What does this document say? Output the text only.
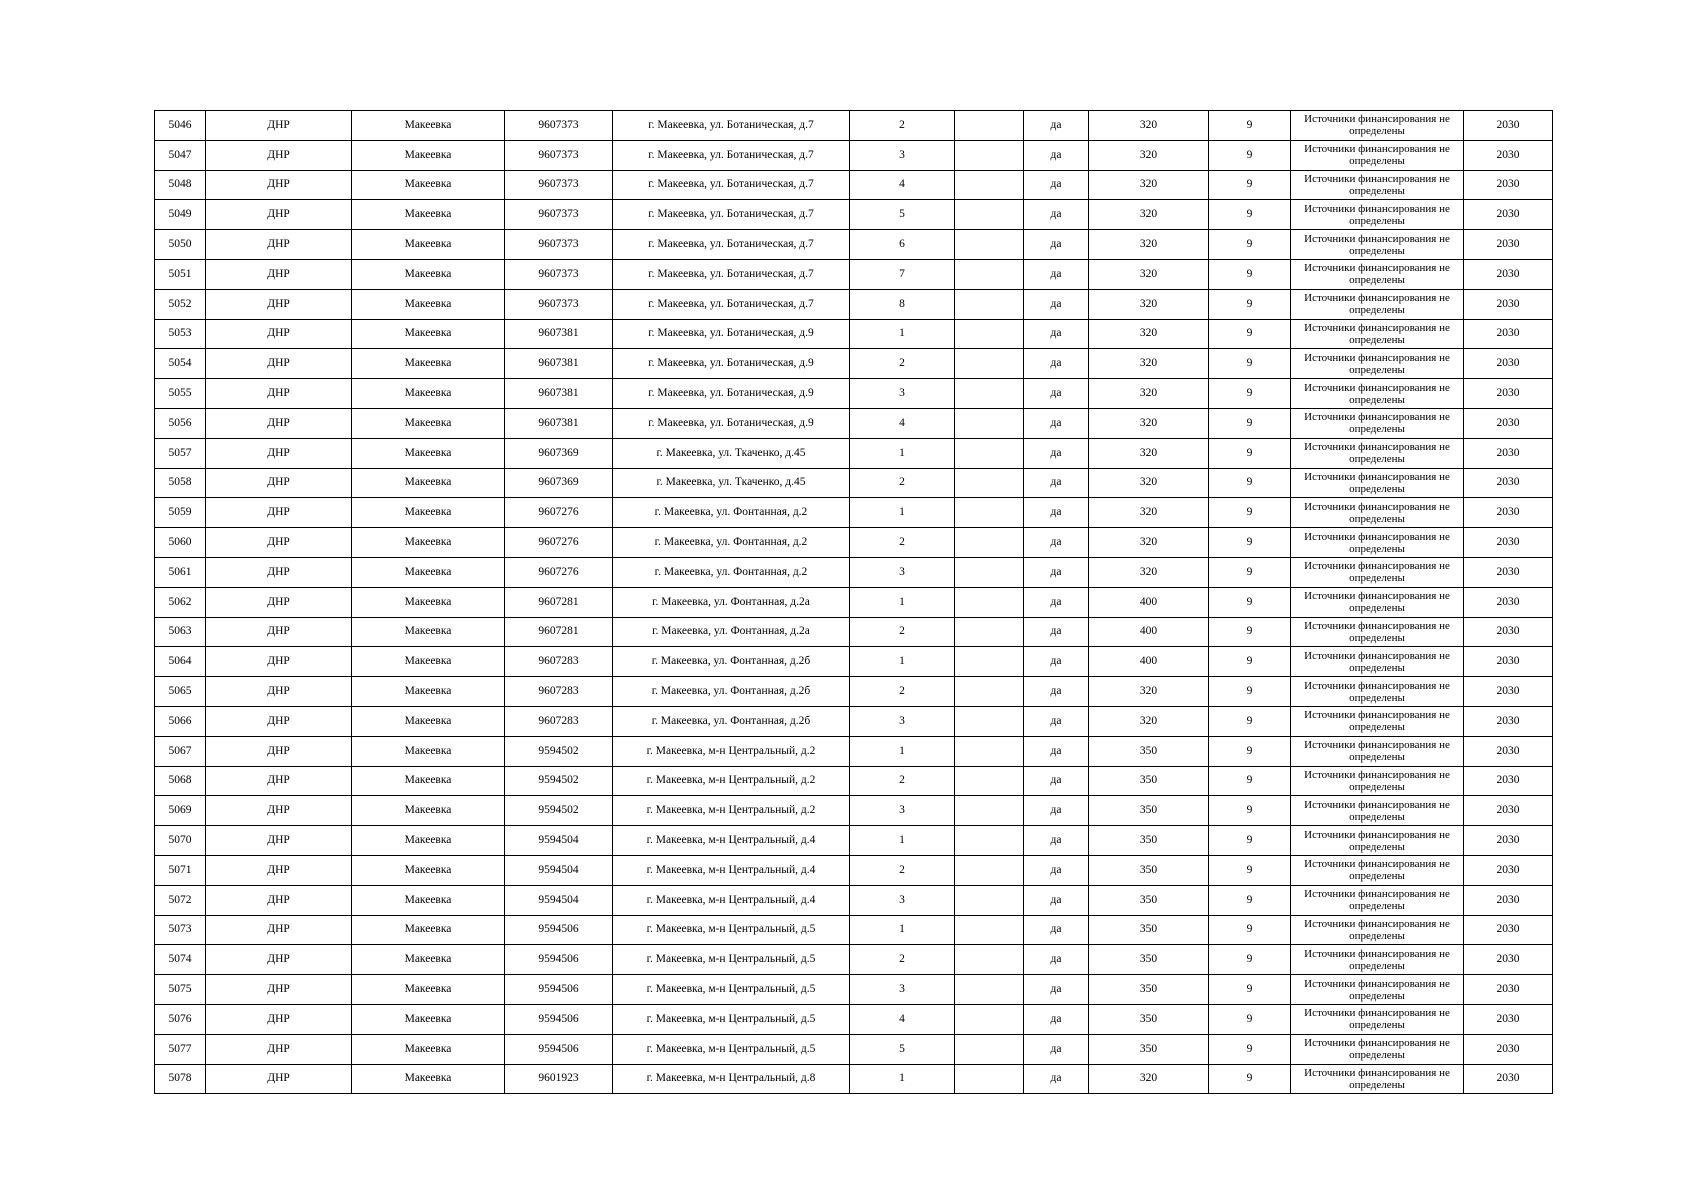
5046	ДНР	Макеевка	9607373	г. Макеевка, ул. Ботаническая, д.7	2		да	320	9	Источники финансирования не определены	2030
5047	ДНР	Макеевка	9607373	г. Макеевка, ул. Ботаническая, д.7	3		да	320	9	Источники финансирования не определены	2030
5048	ДНР	Макеевка	9607373	г. Макеевка, ул. Ботаническая, д.7	4		да	320	9	Источники финансирования не определены	2030
5049	ДНР	Макеевка	9607373	г. Макеевка, ул. Ботаническая, д.7	5		да	320	9	Источники финансирования не определены	2030
5050	ДНР	Макеевка	9607373	г. Макеевка, ул. Ботаническая, д.7	6		да	320	9	Источники финансирования не определены	2030
5051	ДНР	Макеевка	9607373	г. Макеевка, ул. Ботаническая, д.7	7		да	320	9	Источники финансирования не определены	2030
5052	ДНР	Макеевка	9607373	г. Макеевка, ул. Ботаническая, д.7	8		да	320	9	Источники финансирования не определены	2030
5053	ДНР	Макеевка	9607381	г. Макеевка, ул. Ботаническая, д.9	1		да	320	9	Источники финансирования не определены	2030
5054	ДНР	Макеевка	9607381	г. Макеевка, ул. Ботаническая, д.9	2		да	320	9	Источники финансирования не определены	2030
5055	ДНР	Макеевка	9607381	г. Макеевка, ул. Ботаническая, д.9	3		да	320	9	Источники финансирования не определены	2030
5056	ДНР	Макеевка	9607381	г. Макеевка, ул. Ботаническая, д.9	4		да	320	9	Источники финансирования не определены	2030
5057	ДНР	Макеевка	9607369	г. Макеевка, ул. Ткаченко, д.45	1		да	320	9	Источники финансирования не определены	2030
5058	ДНР	Макеевка	9607369	г. Макеевка, ул. Ткаченко, д.45	2		да	320	9	Источники финансирования не определены	2030
5059	ДНР	Макеевка	9607276	г. Макеевка, ул. Фонтанная, д.2	1		да	320	9	Источники финансирования не определены	2030
5060	ДНР	Макеевка	9607276	г. Макеевка, ул. Фонтанная, д.2	2		да	320	9	Источники финансирования не определены	2030
5061	ДНР	Макеевка	9607276	г. Макеевка, ул. Фонтанная, д.2	3		да	320	9	Источники финансирования не определены	2030
5062	ДНР	Макеевка	9607281	г. Макеевка, ул. Фонтанная, д.2а	1		да	400	9	Источники финансирования не определены	2030
5063	ДНР	Макеевка	9607281	г. Макеевка, ул. Фонтанная, д.2а	2		да	400	9	Источники финансирования не определены	2030
5064	ДНР	Макеевка	9607283	г. Макеевка, ул. Фонтанная, д.2б	1		да	400	9	Источники финансирования не определены	2030
5065	ДНР	Макеевка	9607283	г. Макеевка, ул. Фонтанная, д.2б	2		да	320	9	Источники финансирования не определены	2030
5066	ДНР	Макеевка	9607283	г. Макеевка, ул. Фонтанная, д.2б	3		да	320	9	Источники финансирования не определены	2030
5067	ДНР	Макеевка	9594502	г. Макеевка, м-н Центральный, д.2	1		да	350	9	Источники финансирования не определены	2030
5068	ДНР	Макеевка	9594502	г. Макеевка, м-н Центральный, д.2	2		да	350	9	Источники финансирования не определены	2030
5069	ДНР	Макеевка	9594502	г. Макеевка, м-н Центральный, д.2	3		да	350	9	Источники финансирования не определены	2030
5070	ДНР	Макеевка	9594504	г. Макеевка, м-н Центральный, д.4	1		да	350	9	Источники финансирования не определены	2030
5071	ДНР	Макеевка	9594504	г. Макеевка, м-н Центральный, д.4	2		да	350	9	Источники финансирования не определены	2030
5072	ДНР	Макеевка	9594504	г. Макеевка, м-н Центральный, д.4	3		да	350	9	Источники финансирования не определены	2030
5073	ДНР	Макеевка	9594506	г. Макеевка, м-н Центральный, д.5	1		да	350	9	Источники финансирования не определены	2030
5074	ДНР	Макеевка	9594506	г. Макеевка, м-н Центральный, д.5	2		да	350	9	Источники финансирования не определены	2030
5075	ДНР	Макеевка	9594506	г. Макеевка, м-н Центральный, д.5	3		да	350	9	Источники финансирования не определены	2030
5076	ДНР	Макеевка	9594506	г. Макеевка, м-н Центральный, д.5	4		да	350	9	Источники финансирования не определены	2030
5077	ДНР	Макеевка	9594506	г. Макеевка, м-н Центральный, д.5	5		да	350	9	Источники финансирования не определены	2030
5078	ДНР	Макеевка	9601923	г. Макеевка, м-н Центральный, д.8	1		да	320	9	Источники финансирования не определены	2030
